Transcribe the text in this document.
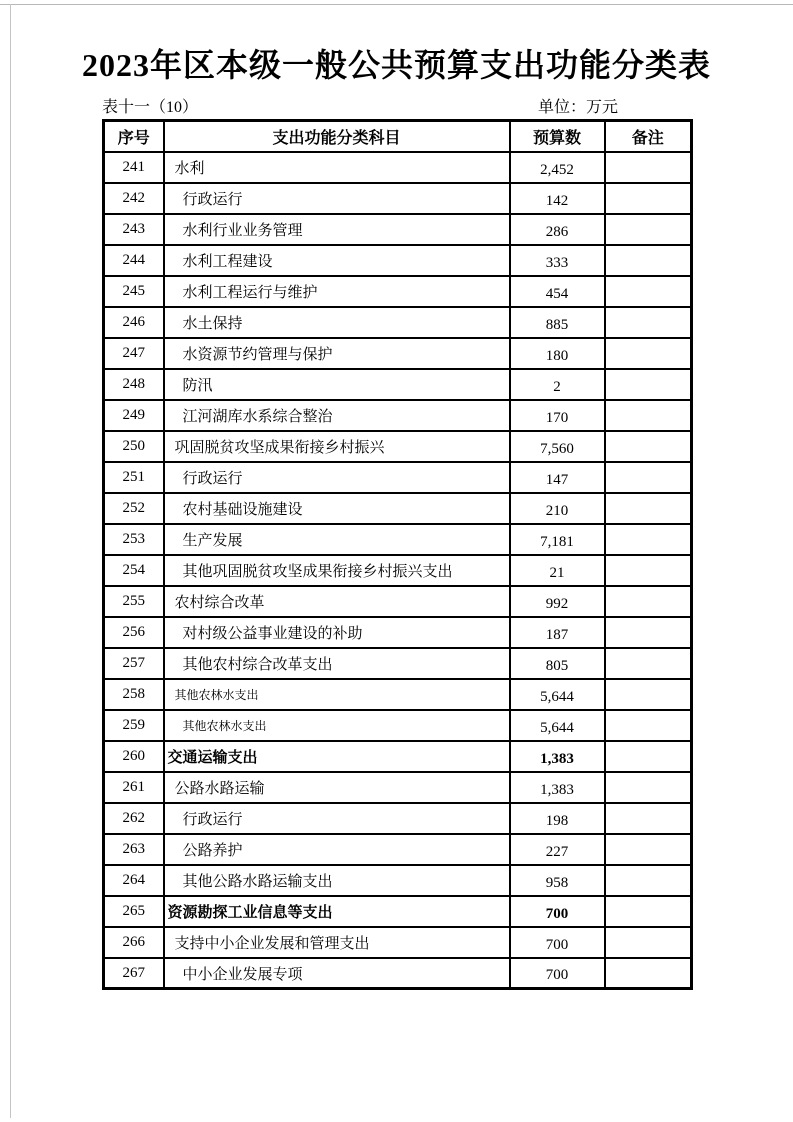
2023年区本级一般公共预算支出功能分类表
表十一（10）	单位：万元
序号	支出功能分类科目	预算数	备注
241	水利	2,452	
242	行政运行	142	
243	水利行业业务管理	286	
244	水利工程建设	333	
245	水利工程运行与维护	454	
246	水土保持	885	
247	水资源节约管理与保护	180	
248	防汛	2	
249	江河湖库水系综合整治	170	
250	巩固脱贫攻坚成果衔接乡村振兴	7,560	
251	行政运行	147	
252	农村基础设施建设	210	
253	生产发展	7,181	
254	其他巩固脱贫攻坚成果衔接乡村振兴支出	21	
255	农村综合改革	992	
256	对村级公益事业建设的补助	187	
257	其他农村综合改革支出	805	
258	其他农林水支出	5,644	
259	其他农林水支出	5,644	
260	交通运输支出	1,383	
261	公路水路运输	1,383	
262	行政运行	198	
263	公路养护	227	
264	其他公路水路运输支出	958	
265	资源勘探工业信息等支出	700	
266	支持中小企业发展和管理支出	700	
267	中小企业发展专项	700	
